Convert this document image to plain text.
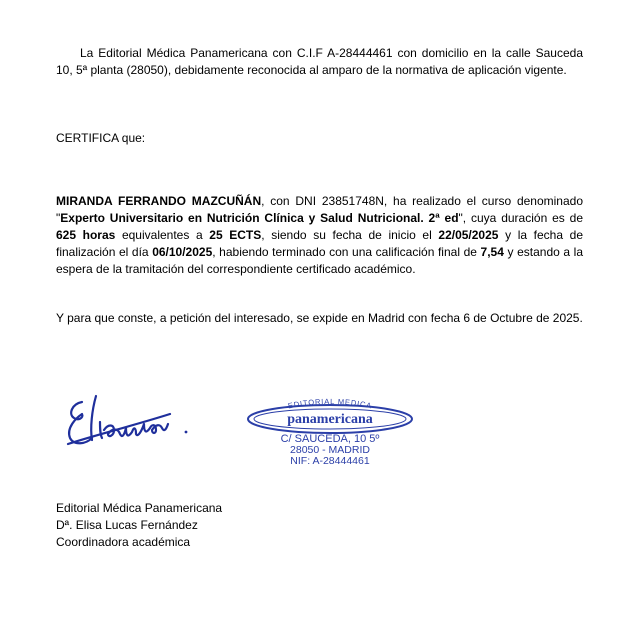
La Editorial Médica Panamericana con C.I.F A-28444461 con domicilio en la calle Sauceda 10, 5ª planta (28050), debidamente reconocida al amparo de la normativa de aplicación vigente.

CERTIFICA que:

MIRANDA FERRANDO MAZCUÑÁN, con DNI 23851748N, ha realizado el curso denominado "Experto Universitario en Nutrición Clínica y Salud Nutricional. 2ª ed", cuya duración es de 625 horas equivalentes a 25 ECTS, siendo su fecha de inicio el 22/05/2025 y la fecha de finalización el día 06/10/2025, habiendo terminado con una calificación final de 7,54 y estando a la espera de la tramitación del correspondiente certificado académico.

Y para que conste, a petición del interesado, se expide en Madrid con fecha 6 de Octubre de 2025.

EDITORIAL MEDICA
panamericana
C/ SAUCEDA, 10 5º
28050 - MADRID
NIF: A-28444461
Editorial Médica Panamericana
Dª. Elisa Lucas Fernández
Coordinadora académica
